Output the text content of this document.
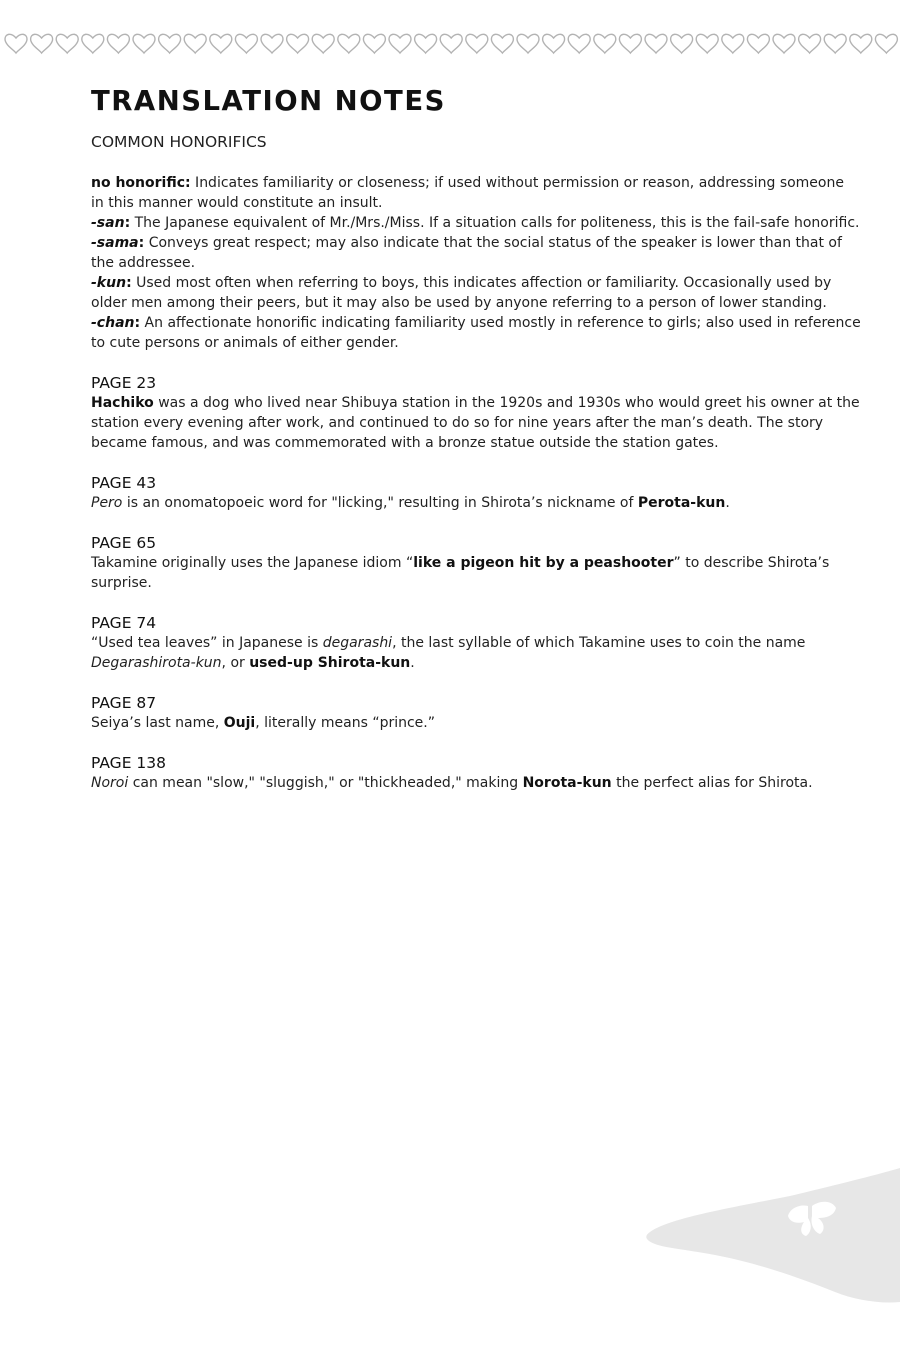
TRANSLATION NOTES
COMMON HONORIFICS

no honorific: Indicates familiarity or closeness; if used without permission or reason, addressing someone in this manner would constitute an insult.

-san: The Japanese equivalent of Mr./Mrs./Miss. If a situation calls for politeness, this is the fail-safe honorific.

-sama: Conveys great respect; may also indicate that the social status of the speaker is lower than that of the addressee.

-kun: Used most often when referring to boys, this indicates affection or familiarity. Occasionally used by older men among their peers, but it may also be used by anyone referring to a person of lower standing.

-chan: An affectionate honorific indicating familiarity used mostly in reference to girls; also used in reference to cute persons or animals of either gender.

PAGE 23

Hachiko was a dog who lived near Shibuya station in the 1920s and 1930s who would greet his owner at the station every evening after work, and continued to do so for nine years after the man’s death. The story became famous, and was commemorated with a bronze statue outside the station gates.

PAGE 43

Pero is an onomatopoeic word for "licking," resulting in Shirota’s nickname of Perota-kun.

PAGE 65

Takamine originally uses the Japanese idiom “like a pigeon hit by a peashooter” to describe Shirota’s surprise.

PAGE 74

“Used tea leaves” in Japanese is degarashi, the last syllable of which Takamine uses to coin the name Degarashirota-kun, or used-up Shirota-kun.

PAGE 87

Seiya’s last name, Ouji, literally means “prince.”

PAGE 138

Noroi can mean "slow," "sluggish," or "thickheaded," making Norota-kun the perfect alias for Shirota.
